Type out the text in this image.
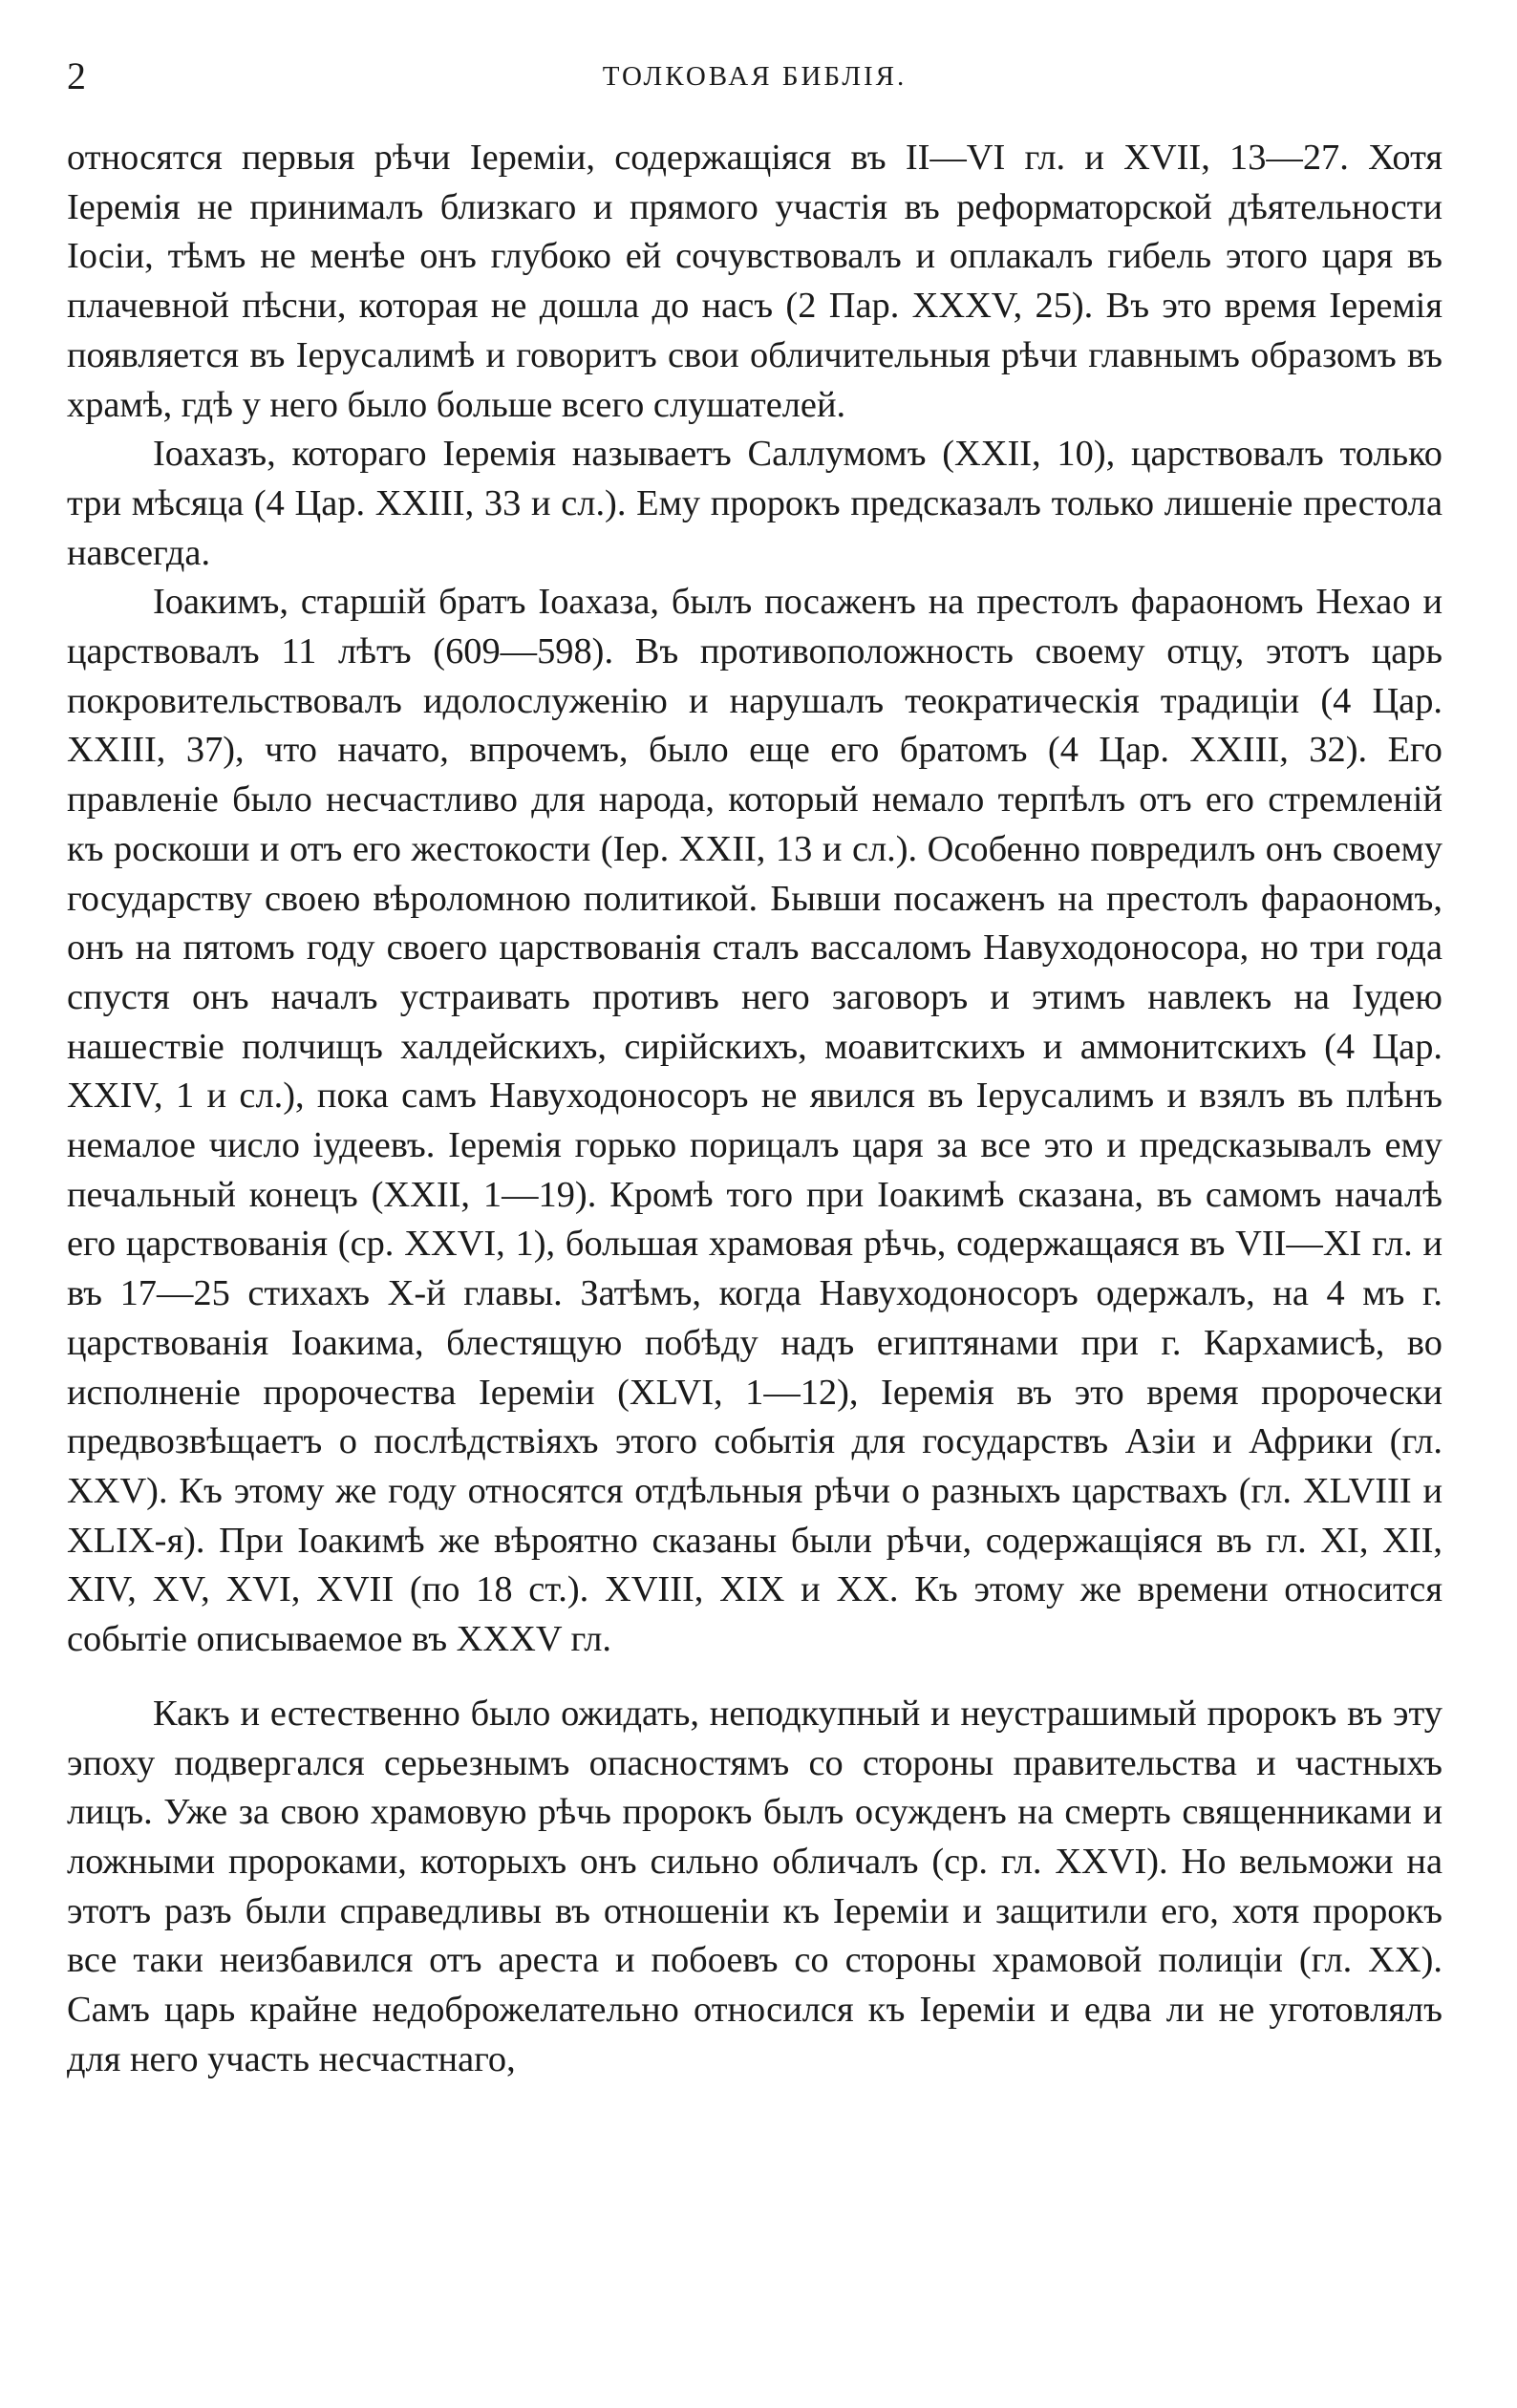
2	ТОЛКОВАЯ БИБЛІЯ.

относятся первыя рѣчи Іеремiи, содержащiяся въ II—VI гл. и XVII, 13—27. Хотя Іеремiя не принималъ близкаго и прямого участiя въ реформаторской дѣятельности Іосiи, тѣмъ не менѣе онъ глубоко ей сочувствовалъ и оплакалъ гибель этого царя въ плачевной пѣсни, которая не дошла до насъ (2 Пар. XXXV, 25). Въ это время Іеремiя появляется въ Іерусалимѣ и говоритъ свои обличительныя рѣчи главнымъ образомъ въ храмѣ, гдѣ у него было больше всего слушателей.

Іоахазъ, котораго Іеремiя называетъ Саллумомъ (XXII, 10), царствовалъ только три мѣсяца (4 Цар. XXIII, 33 и сл.). Ему пророкъ предсказалъ только лишенiе престола навсегда.

Іоакимъ, старшiй братъ Іоахаза, былъ посаженъ на престолъ фараономъ Нехао и царствовалъ 11 лѣтъ (609—598). Въ противоположность своему отцу, этотъ царь покровительствовалъ идолослуженiю и нарушалъ теократическiя традицiи (4 Цар. XXIII, 37), что начато, впрочемъ, было еще его братомъ (4 Цар. XXIII, 32). Его правленiе было несчастливо для народа, который немало терпѣлъ отъ его стремленiй къ роскоши и отъ его жестокости (Іер. XXII, 13 и сл.). Особенно повредилъ онъ своему государству своею вѣроломною политикой. Бывши посаженъ на престолъ фараономъ, онъ на пятомъ году своего царствованiя сталъ вассаломъ Навуходоносора, но три года спустя онъ началъ устраивать противъ него заговоръ и этимъ навлекъ на Іудею нашествiе полчищъ халдейскихъ, сирiйскихъ, моавитскихъ и аммонитскихъ (4 Цар. XXIV, 1 и сл.), пока самъ Навуходоносоръ не явился въ Іерусалимъ и взялъ въ плѣнъ немалое число iудеевъ. Іеремiя горько порицалъ царя за все это и предсказывалъ ему печальный конецъ (XXII, 1—19). Кромѣ того при Іоакимѣ сказана, въ самомъ началѣ его царствованiя (ср. XXVI, 1), большая храмовая рѣчь, содержащаяся въ VII—XI гл. и въ 17—25 стихахъ X-й главы. Затѣмъ, когда Навуходоносоръ одержалъ, на 4 мъ г. царствованiя Іоакима, блестящую побѣду надъ египтянами при г. Кархамисѣ, во исполненiе пророчества Іеремiи (XLVI, 1—12), Іеремiя въ это время пророчески предвозвѣщаетъ о послѣдствiяхъ этого событiя для государствъ Азiи и Африки (гл. XXV). Къ этому же году относятся отдѣльныя рѣчи о разныхъ царствахъ (гл. XLVIII и XLIX-я). При Іоакимѣ же вѣроятно сказаны были рѣчи, содержащiяся въ гл. XI, XII, XIV, XV, XVI, XVII (по 18 ст.). XVIII, XIX и XX. Къ этому же времени относится событiе описываемое въ XXXV гл.

Какъ и естественно было ожидать, неподкупный и неустрашимый пророкъ въ эту эпоху подвергался серьезнымъ опасностямъ со стороны правительства и частныхъ лицъ. Уже за свою храмовую рѣчь пророкъ былъ осужденъ на смерть священниками и ложными пророками, которыхъ онъ сильно обличалъ (ср. гл. XXVI). Но вельможи на этотъ разъ были справедливы въ отношенiи къ Іеремiи и защитили его, хотя пророкъ все таки неизбавился отъ ареста и побоевъ со стороны храмовой полицiи (гл. XX). Самъ царь крайне недоброжелательно относился къ Іеремiи и едва ли не уготовлялъ для него участь несчастнаго,
